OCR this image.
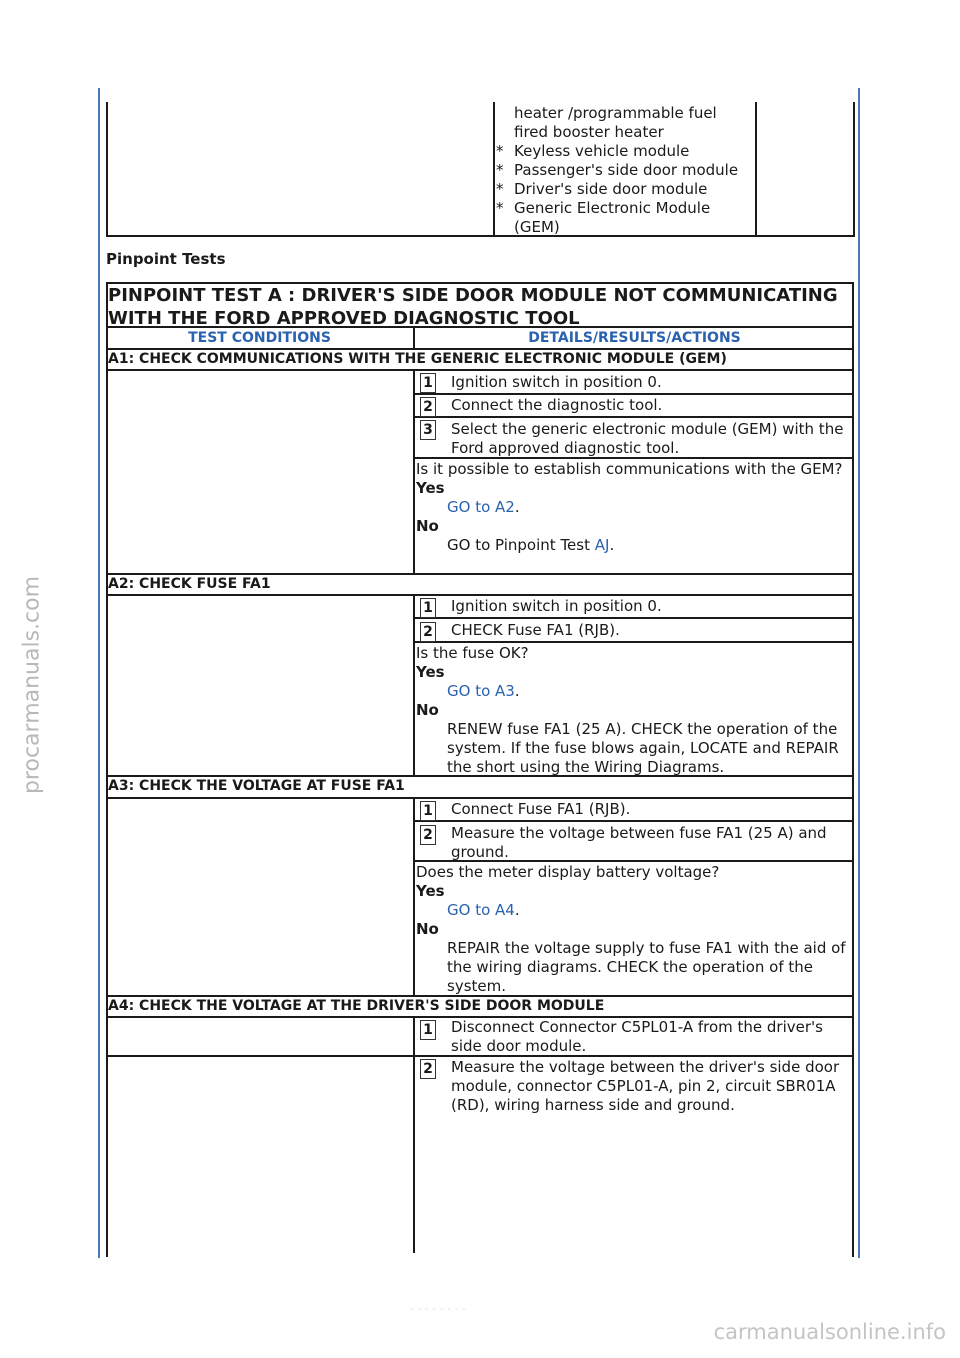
procarmanuals.com
carmanualsonline.info
- - - - - - - -
heater /programmable fuel fired booster heater
* Keyless vehicle module
* Passenger's side door module
* Driver's side door module
* Generic Electronic Module (GEM)
Pinpoint Tests
PINPOINT TEST A : DRIVER'S SIDE DOOR MODULE NOT COMMUNICATING WITH THE FORD APPROVED DIAGNOSTIC TOOL
TEST CONDITIONS	DETAILS/RESULTS/ACTIONS
A1: CHECK COMMUNICATIONS WITH THE GENERIC ELECTRONIC MODULE (GEM)
1 Ignition switch in position 0.
2 Connect the diagnostic tool.
3 Select the generic electronic module (GEM) with the Ford approved diagnostic tool.
Is it possible to establish communications with the GEM?
Yes
GO to A2.
No
GO to Pinpoint Test AJ.
A2: CHECK FUSE FA1
1 Ignition switch in position 0.
2 CHECK Fuse FA1 (RJB).
Is the fuse OK?
Yes
GO to A3.
No
RENEW fuse FA1 (25 A). CHECK the operation of the system. If the fuse blows again, LOCATE and REPAIR the short using the Wiring Diagrams.
A3: CHECK THE VOLTAGE AT FUSE FA1
1 Connect Fuse FA1 (RJB).
2 Measure the voltage between fuse FA1 (25 A) and ground.
Does the meter display battery voltage?
Yes
GO to A4.
No
REPAIR the voltage supply to fuse FA1 with the aid of the wiring diagrams. CHECK the operation of the system.
A4: CHECK THE VOLTAGE AT THE DRIVER'S SIDE DOOR MODULE
1 Disconnect Connector C5PL01-A from the driver's side door module.
2 Measure the voltage between the driver's side door module, connector C5PL01-A, pin 2, circuit SBR01A (RD), wiring harness side and ground.
